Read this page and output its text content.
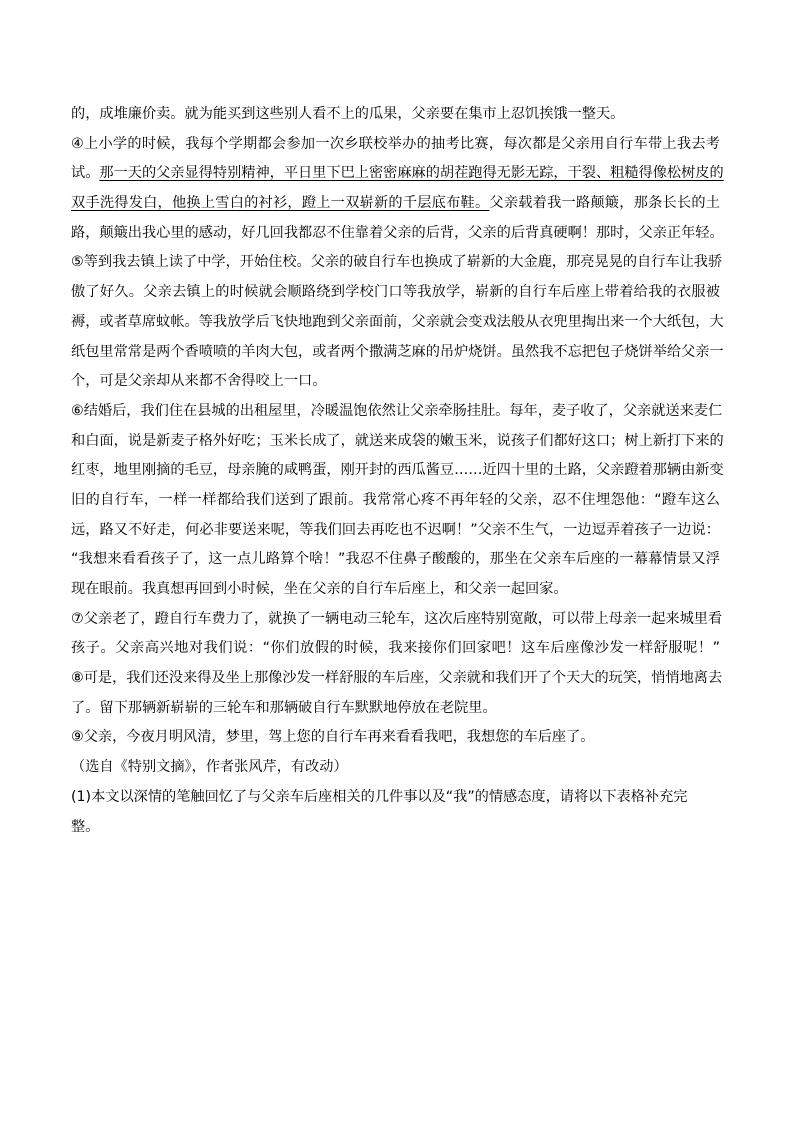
的，成堆廉价卖。就为能买到这些别人看不上的瓜果，父亲要在集市上忍饥挨饿一整天。
④上小学的时候，我每个学期都会参加一次乡联校举办的抽考比赛，每次都是父亲用自行车带上我去考
试。那一天的父亲显得特别精神，平日里下巴上密密麻麻的胡茬跑得无影无踪，干裂、粗糙得像松树皮的
双手洗得发白，他换上雪白的衬衫，蹬上一双崭新的千层底布鞋。父亲载着我一路颠簸，那条长长的土
路，颠簸出我心里的感动，好几回我都忍不住靠着父亲的后背，父亲的后背真硬啊！那时，父亲正年轻。
⑤等到我去镇上读了中学，开始住校。父亲的破自行车也换成了崭新的大金鹿，那亮晃晃的自行车让我骄
傲了好久。父亲去镇上的时候就会顺路绕到学校门口等我放学，崭新的自行车后座上带着给我的衣服被
褥，或者草席蚊帐。等我放学后飞快地跑到父亲面前，父亲就会变戏法般从衣兜里掏出来一个大纸包，大
纸包里常常是两个香喷喷的羊肉大包，或者两个撒满芝麻的吊炉烧饼。虽然我不忘把包子烧饼举给父亲一
个，可是父亲却从来都不舍得咬上一口。
⑥结婚后，我们住在县城的出租屋里，冷暖温饱依然让父亲牵肠挂肚。每年，麦子收了，父亲就送来麦仁
和白面，说是新麦子格外好吃；玉米长成了，就送来成袋的嫩玉米，说孩子们都好这口；树上新打下来的
红枣，地里刚摘的毛豆，母亲腌的咸鸭蛋，刚开封的西瓜酱豆……近四十里的土路，父亲蹬着那辆由新变
旧的自行车，一样一样都给我们送到了跟前。我常常心疼不再年轻的父亲，忍不住埋怨他：“蹬车这么
远，路又不好走，何必非要送来呢，等我们回去再吃也不迟啊！”父亲不生气，一边逗弄着孩子一边说：
“我想来看看孩子了，这一点儿路算个啥！”我忍不住鼻子酸酸的，那坐在父亲车后座的一幕幕情景又浮
现在眼前。我真想再回到小时候，坐在父亲的自行车后座上，和父亲一起回家。
⑦父亲老了，蹬自行车费力了，就换了一辆电动三轮车，这次后座特别宽敞，可以带上母亲一起来城里看
孩子。父亲高兴地对我们说：“你们放假的时候，我来接你们回家吧！这车后座像沙发一样舒服呢！”
⑧可是，我们还没来得及坐上那像沙发一样舒服的车后座，父亲就和我们开了个天大的玩笑，悄悄地离去
了。留下那辆新崭崭的三轮车和那辆破自行车默默地停放在老院里。
⑨父亲，今夜月明风清，梦里，驾上您的自行车再来看看我吧，我想您的车后座了。
（选自《特别文摘》，作者张风芹，有改动）
(1)本文以深情的笔触回忆了与父亲车后座相关的几件事以及“我”的情感态度，请将以下表格补充完
整。
